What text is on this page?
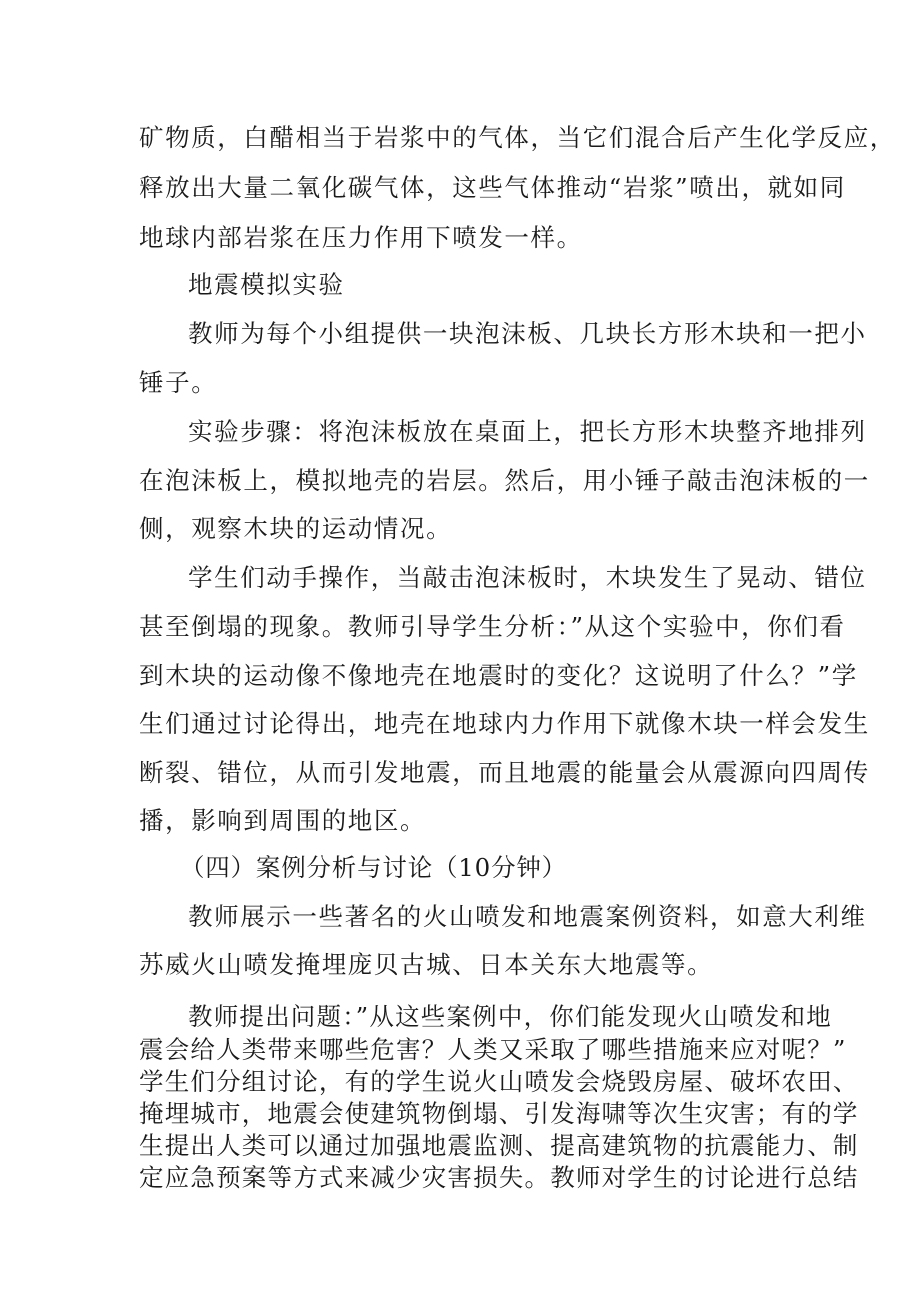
矿物质，白醋相当于岩浆中的气体，当它们混合后产生化学反应，
释放出大量二氧化碳气体，这些气体推动“岩浆”喷出，就如同
地球内部岩浆在压力作用下喷发一样。
地震模拟实验
教师为每个小组提供一块泡沫板、几块长方形木块和一把小
锤子。
实验步骤：将泡沫板放在桌面上，把长方形木块整齐地排列
在泡沫板上，模拟地壳的岩层。然后，用小锤子敲击泡沫板的一
侧，观察木块的运动情况。
学生们动手操作，当敲击泡沫板时，木块发生了晃动、错位
甚至倒塌的现象。教师引导学生分析：”从这个实验中，你们看
到木块的运动像不像地壳在地震时的变化？这说明了什么？”学
生们通过讨论得出，地壳在地球内力作用下就像木块一样会发生
断裂、错位，从而引发地震，而且地震的能量会从震源向四周传
播，影响到周围的地区。
（四）案例分析与讨论（10分钟）
教师展示一些著名的火山喷发和地震案例资料，如意大利维
苏威火山喷发掩埋庞贝古城、日本关东大地震等。
教师提出问题：”从这些案例中，你们能发现火山喷发和地
震会给人类带来哪些危害？人类又采取了哪些措施来应对呢？”
学生们分组讨论，有的学生说火山喷发会烧毁房屋、破坏农田、
掩埋城市，地震会使建筑物倒塌、引发海啸等次生灾害；有的学
生提出人类可以通过加强地震监测、提高建筑物的抗震能力、制
定应急预案等方式来减少灾害损失。教师对学生的讨论进行总结
